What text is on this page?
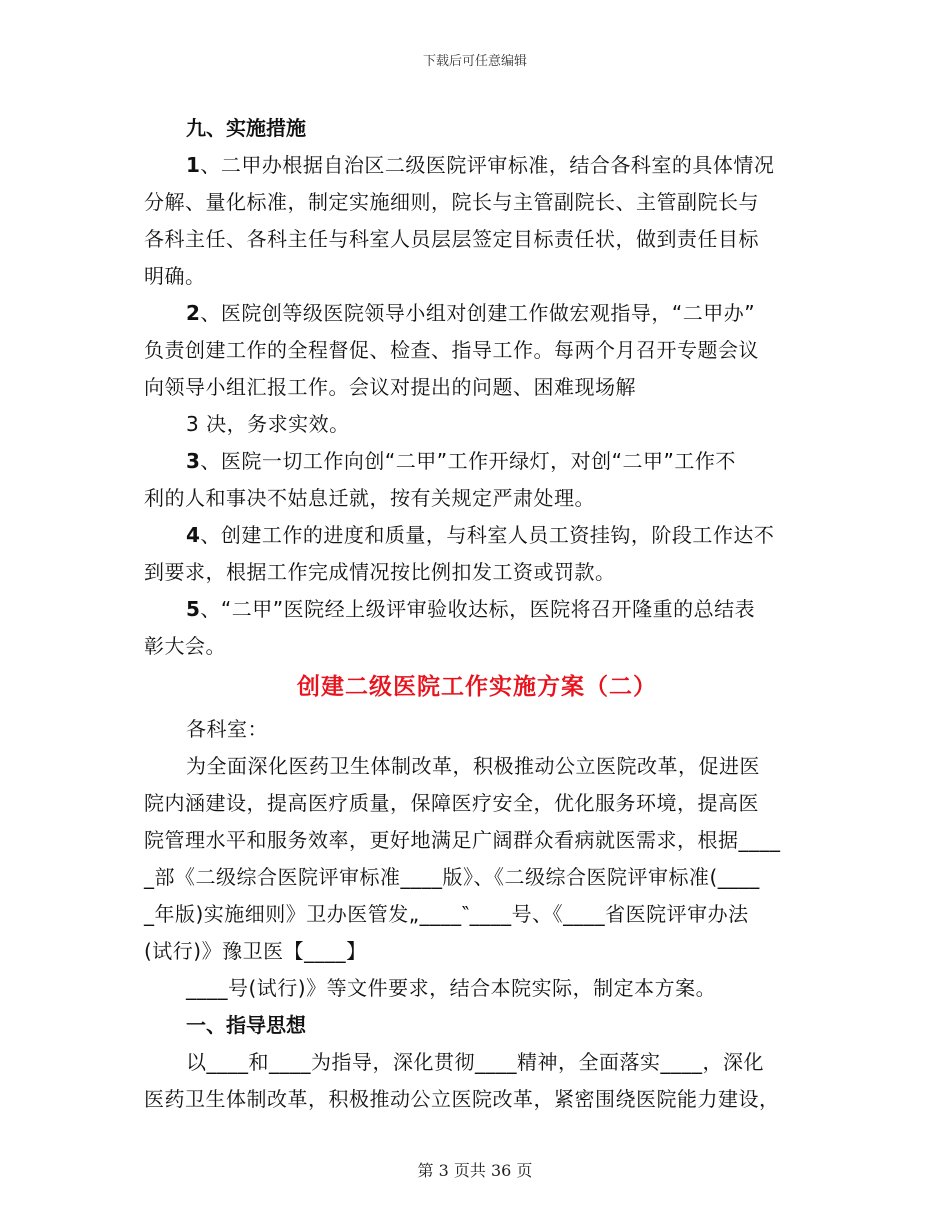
下载后可任意编辑
九、实施措施
1、二甲办根据自治区二级医院评审标准，结合各科室的具体情况
分解、量化标准，制定实施细则，院长与主管副院长、主管副院长与
各科主任、各科主任与科室人员层层签定目标责任状，做到责任目标
明确。
2、医院创等级医院领导小组对创建工作做宏观指导，“二甲办”
负责创建工作的全程督促、检查、指导工作。每两个月召开专题会议
向领导小组汇报工作。会议对提出的问题、困难现场解
3 决，务求实效。
3、医院一切工作向创“二甲”工作开绿灯，对创“二甲”工作不
利的人和事决不姑息迁就，按有关规定严肃处理。
4、创建工作的进度和质量，与科室人员工资挂钩，阶段工作达不
到要求，根据工作完成情况按比例扣发工资或罚款。
5、“二甲”医院经上级评审验收达标，医院将召开隆重的总结表
彰大会。
创建二级医院工作实施方案（二）
各科室：
为全面深化医药卫生体制改革，积极推动公立医院改革，促进医
院内涵建设，提高医疗质量，保障医疗安全，优化服务环境，提高医
院管理水平和服务效率，更好地满足广阔群众看病就医需求，根据____
_部《二级综合医院评审标准____版》、《二级综合医院评审标准(____
_年版)实施细则》卫办医管发„____‶____号、《____省医院评审办法
(试行)》豫卫医【____】
____号(试行)》等文件要求，结合本院实际，制定本方案。
一、指导思想
以____和____为指导，深化贯彻____精神，全面落实____，深化
医药卫生体制改革，积极推动公立医院改革，紧密围绕医院能力建设，
第 3 页共 36 页
